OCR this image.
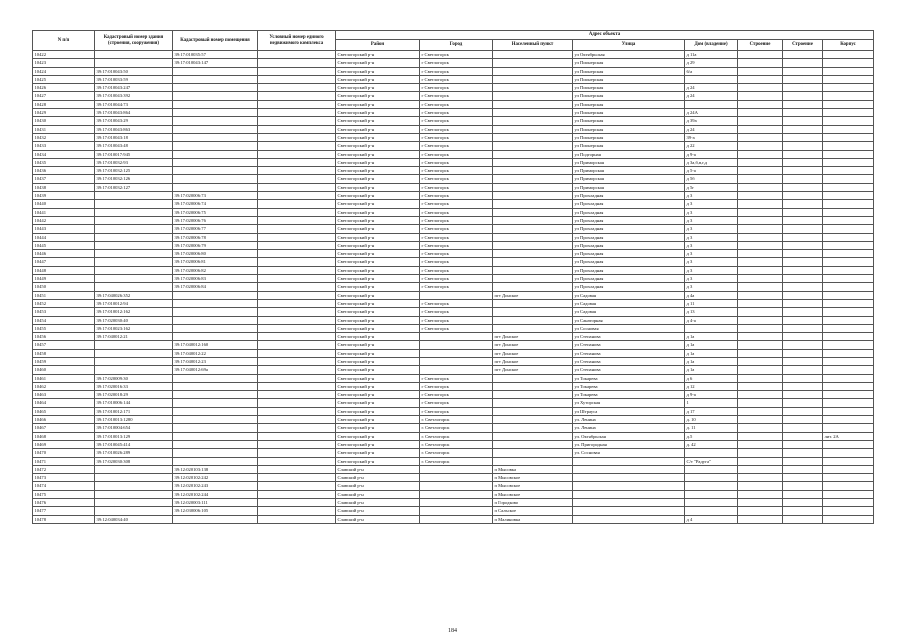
N п/п	Кадастровый номер здания (строения, сооружения)	Кадастровый номер помещения	Условный номер единого недвижимого комплекса	Адрес объекта							
				Район	Город	Населенный пункт	Улица	Дом (владение)	Строение	Строение	Корпус
10422		39:17:010035:57		Светлогорский р-н	г Светлогорск		ул Октябрьская	д 11а			
10423		39:17:010043:147		Светлогорский р-н	г Светлогорск		ул Пионерская	д 29			
10424	39:17:010043:50			Светлогорский р-н	г Светлогорск		ул Пионерская	6/а			
10425	39:17:010033:59			Светлогорский р-н	г Светлогорск		ул Пионерская				
10426	39:17:010043:247			Светлогорский р-н	г Светлогорск		ул Пионерская	д 24			
10427	39:17:010043:392			Светлогорский р-н	г Светлогорск		ул Пионерская	д 24			
10428	39:17:010044:73			Светлогорский р-н	г Светлогорск		ул Пионерская				
10429	39:17:010043:864			Светлогорский р-н	г Светлогорск		ул Пионерская	д 24А			
10430	39:17:010043:29			Светлогорский р-н	г Светлогорск		ул Пионерская	д 39а			
10431	39:17:010043:863			Светлогорский р-н	г Светлогорск		ул Пионерская	д 24			
10432	39:17:010043:18			Светлогорский р-н	г Светлогорск		ул Пионерская	39-а			
10433	39:17:010043:48			Светлогорский р-н	г Светлогорск		ул Пионерская	д 22			
10434	39:17:010017:945			Светлогорский р-н	г Светлогорск		ул Подгорная	д 9-а			
10435	39:17:010032:93			Светлогорский р-н	г Светлогорск		ул Приморская	д 3а,б,в,г,д			
10436	39:17:010032:125			Светлогорский р-н	г Светлогорск		ул Приморская	д 5-а			
10437	39:17:010032:126			Светлогорский р-н	г Светлогорск		ул Приморская	д 5б			
10438	39:17:010032:127			Светлогорский р-н	г Светлогорск		ул Приморская	д 5г			
10439		39:17:020006:73		Светлогорский р-н	г Светлогорск		ул Прохладная	д 3			
10440		39:17:020006:74		Светлогорский р-н	г Светлогорск		ул Прохладная	д 3			
10441		39:17:020006:75		Светлогорский р-н	г Светлогорск		ул Прохладная	д 3			
10442		39:17:020006:76		Светлогорский р-н	г Светлогорск		ул Прохладная	д 3			
10443		39:17:020006:77		Светлогорский р-н	г Светлогорск		ул Прохладная	д 3			
10444		39:17:020006:78		Светлогорский р-н	г Светлогорск		ул Прохладная	д 3			
10445		39:17:020006:79		Светлогорский р-н	г Светлогорск		ул Прохладная	д 3			
10446		39:17:020006:80		Светлогорский р-н	г Светлогорск		ул Прохладная	д 3			
10447		39:17:020006:81		Светлогорский р-н	г Светлогорск		ул Прохладная	д 3			
10448		39:17:020006:82		Светлогорский р-н	г Светлогорск		ул Прохладная	д 3			
10449		39:17:020006:83		Светлогорский р-н	г Светлогорск		ул Прохладная	д 3			
10450		39:17:020006:84		Светлогорский р-н	г Светлогорск		ул Прохладная	д 3			
10451	39:17:040026:352			Светлогорский р-н		пгт Донское	ул Садовая	д 4а			
10452	39:17:010012:94			Светлогорский р-н	г Светлогорск		ул Садовая	д 11			
10453	39:17:010012:162			Светлогорский р-н	г Светлогорск		ул Садовая	д 13			
10454	39:17:020030:40			Светлогорский р-н	г Светлогорск		ул Санаторная	д 4-а			
10455	39:17:010023:162			Светлогорский р-н	г Светлогорск		ул Сосновая				
10456	39:17:040012:21			Светлогорский р-н		пгт Донское	ул Степанова	д 1а			
10457		39:17:040012:160		Светлогорский р-н		пгт Донское	ул Степанова	д 1а			
10458		39:17:040012:22		Светлогорский р-н		пгт Донское	ул Степанова	д 1а			
10459		39:17:040012:23		Светлогорский р-н		пгт Донское	ул Степанова	д 1а			
10460		39:17:040012:69а		Светлогорский р-н		пгт Донское	ул Степанова	д 1а			
10461	39:17:020009:30			Светлогорский р-н	г Светлогорск		ул Токарева	д 6			
10462	39:17:020016:33			Светлогорский р-н	г Светлогорск		ул Токарева	д 12			
10463	39:17:020018:29			Светлогорский р-н	г Светлогорск		ул Токарева	д 9-а			
10464	39:17:010006:144			Светлогорский р-н	г Светлогорск		ул Хуторская	1			
10465	39:17:010012:171			Светлогорский р-н	г Светлогорск		ул Штрауса	д 17			
10466	39:17:010013:1280			Светлогорский р-н	г. Светлогорск		ул. Ленина	д. 10			
10467	39:17:010004:654			Светлогорский р-н	г. Светлогорск		ул. Ленина	д. 11			
10468	39:17:010013:129			Светлогорский р-н	г. Светлогорск		ул. Октябрьская	д.5			лит. 2А
10469	39:17:010045:414			Светлогорский р-н	г. Светлогорск		ул. Пригородная	д. 42			
10470	39:17:010026:289			Светлогорский р-н	г. Светлогорск		ул. Сосновая				
10471	39:17:020030:308			Светлогорский р-н	г. Светлогорск			С/т "Радуга"			
10472		39:12:020103:138		Славский р-н		п Мысовка					
10473		39:12:020102:242		Славский р-н		п Мысовское					
10474		39:12:020102:243		Славский р-н		п Мысовское					
10475		39:12:020102:244		Славский р-н		п Мысовское					
10476		39:12:020003:111		Славский р-н		п Городково					
10477		39:12:030006:105		Славский р-н		п Сальское					
10478	39:12:040034:40			Славский р-н		п Малиновка		д 4			
184
